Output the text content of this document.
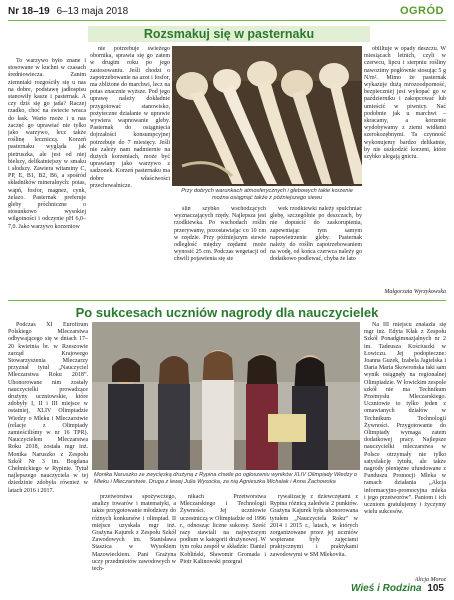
Nr 18–19 6–13 maja 2018	OGRÓD
Rozsmakuj się w pasternaku

To warzywo było znane i stosowane w kuchni w czasach średniowiecza. Zanim ziemniaki rozgościły się u nas na dobre, podstawę jadłospisu stanowiły kasze i pasternak. A czy dziś się go jada? Raczej rzadko, choć na świecie wraca do łask. Warto może i u nas zaczęć go uprawiać nie tylko jako warzywo, lecz także roślinę leczniczą. Korzeń pasternaku wygląda jak pietruszka, ale jest od niej bielszy, delikatniejszy w smaku i słodszy. Zawiera witaminy C, PP, E, B1, B2, B6, a spośród składników mineralnych: potas, wapń, fosfor, magnez, cynk, żelazo. Pasternak preferuje gleby próchniczne o stosunkowo wysokiej wilgotności i odczynie pH 6,0–7,0. Jako warzywo korzeniow

nie potrzebuje świeżego obornika, sprawia się go zatem w drugim roku po jego zastosowaniu. Jeśli chodzi o zapotrzebowanie na azot i fosfor, ma zbliżone do marchwi, lecz na potas znacznie wyższe. Pod jego uprawę należy dokładnie przygotować stanowisko, pożyteczne działanie w uprawie wywiera wapnowanie gleby. Pasternak do osiągnięcia dojrzałości konsumpcyjnej potrzebuje do 7 miesięcy. Jeśli nie zależy nam nadmiernie na dużych korzeniach, może być uprawiany jako warzywo z sadzonek. Korzeń pasternaku ma dobre właściwości przechowalnicze.

Przy dobrych warunkach atmosferycznych i głebowych takie korzenie można osiągnąć także z późniejszego siewu

obliltuje w opady deszczu. W miesiącach letnich, czyli w czerwcu, lipcu i sierpniu rośliny nawozimy pogłównie stosując 5 g N/m². Mimo że pasternak wykazuje dużą mrozoodporność, bezpieczniej jest wykopać go w październiku i zakopcować lub umieścić w piwnicy. Nać podobnie jak u marchwi – skracamy, a korzenie wydobywamy z ziemi widłami szerokozębnymi. Ta czynność wykonujemy bardzo delikatnie, by nie uszkodzić korzeni, które szybko ulegają gniciu.

Małgorzata Wyrzykowska

śliń szybko wschodzących wyznaczających rzędy. Najlepsza jest rzodkiewka. Po wschodach roślin przerywamy, pozostawiając co 10 cm w rzędzie. Przy późniejszym siewie odległość między rzędami może wynosić 25 cm. Podczas wegetacji od chwili pojawienia się sie

wek rzodkiewki należy spulchniać glebę, szczególnie po deszczach, by nie dopuścić do zaskorupienia, zapewniając tym samym napowietrzenie gleby. Pasternak należy do roślin zapotrzebowaniem na wodę, od końca czerwca należy go dodatkowo podlewać, chyba że lato

Po sukcesach uczniów nagrody dla nauczycielek

Podczas XI Eurofirum Polskiego Mleczarstwa odbywającego się w dniach 17–20 kwietnia br. w Rzeszowie zarząd Krajowego Stowarzyszenia Mleczarzy przyznał tytuł „Nauczyciel Mleczarstwa Roku 2018”. Uhonorowane nim zostały nauczycielki prowadzące drużyny uczniowskie, które zdobyły I, II i III miejsce w ostatniej, XLIV Olimpiadzie Wiedzy o Mleku i Mleczarstwie (relacje z Olimpiady zamieściliśmy w nr 16 TPR). Nauczycielem Mleczarstwa Roku 2018, została mgr inż. Monika Naruszko z Zespołu Szkół Nr 3 im. Bogdana Chełmickiego w Rypinie. Tytuł najlepszego nauczyciela w tej dziedzinie zdobyła również w latach 2016 i 2017.

Monika Naruszko ze zwycięską drużyną z Rypina chwile po ogłoszeniu wyników XLIV Olimpiady Wiedzy o Mleku i Mleczarstwie. Druga z lewej Julia Wysocka, za nią Agnieszka Michalak i Anna Żachowska

przetwórstwa spożywczego, analizy towarów i matematyki, a także przygotowanie młodzieży do różnych konkursów i olimpiad. II miejsce uzyskała mgr inż. Grażyna Kajurek z Zespołu Szkół Zawodowych im. Stanisława Staszica w Wysokiem Mazowieckiem. Pani Grażyna uczy przedmiotów zawodowych w tech-

nikach Przetwórstwa Mleczarskiego i Technologii Żywności. Jej uczniowie uczestniczą w Olimpiadzie od 1996 r., odnosząc liczne sukcesy. Sześć razy stawiali na najwyższym podium w kategorii drużynowej. W tym roku zespół w składzie: Daniel Kobliński, Sławomir Gromada i Piotr Kalinowski przegrał

rywalizację z dziewczętami z Rypina różnicą zaledwie 2 punktów. Grażyna Kajurek była uhonorowana tytułem „Nauczyciela Roku” w 2014 i 2015 r., latach, w których zorganizowane przez jej uczniów wspierane były zajęciami praktycznymi i praktykami zawodowymi w SM Mlekovita.

Na III miejscu znalazła się mgr inż. Edyta Kłak z Zespołu Szkół Ponadgimnazjalnych nr 2 im. Tadeusza Kościuszki w Łowiczu. Jej podopieczne: Joanna Guzek, Izabela Jagielska i Daria Maria Skowrońska taki sam wynik osiągnęły na regionalnej Olimpiadzie. W łowickim zespole szkół nie ma Technikum Przemysłu Mleczarskiego. Uczniowie to tylko jeden z omawianych działów w Technikum Technologii Żywności. Przygotowanie do Olimpiady wymaga zatem dodatkowej pracy. Najlepsze nauczycielki mleczarstwa w Polsce otrzymały nie tylko satysfakcję tytułu, ale także nagrody pieniężne ufundowane z Funduszu Promocji Mleka w ramach działania „Akcja informacyjno-promocyjna mleka i jego przetworów”. Paniom i ich uczniom gratulujemy i życzymy wielu sukcesów.

Alicja Moroz
Wieś i Rodzina 105
